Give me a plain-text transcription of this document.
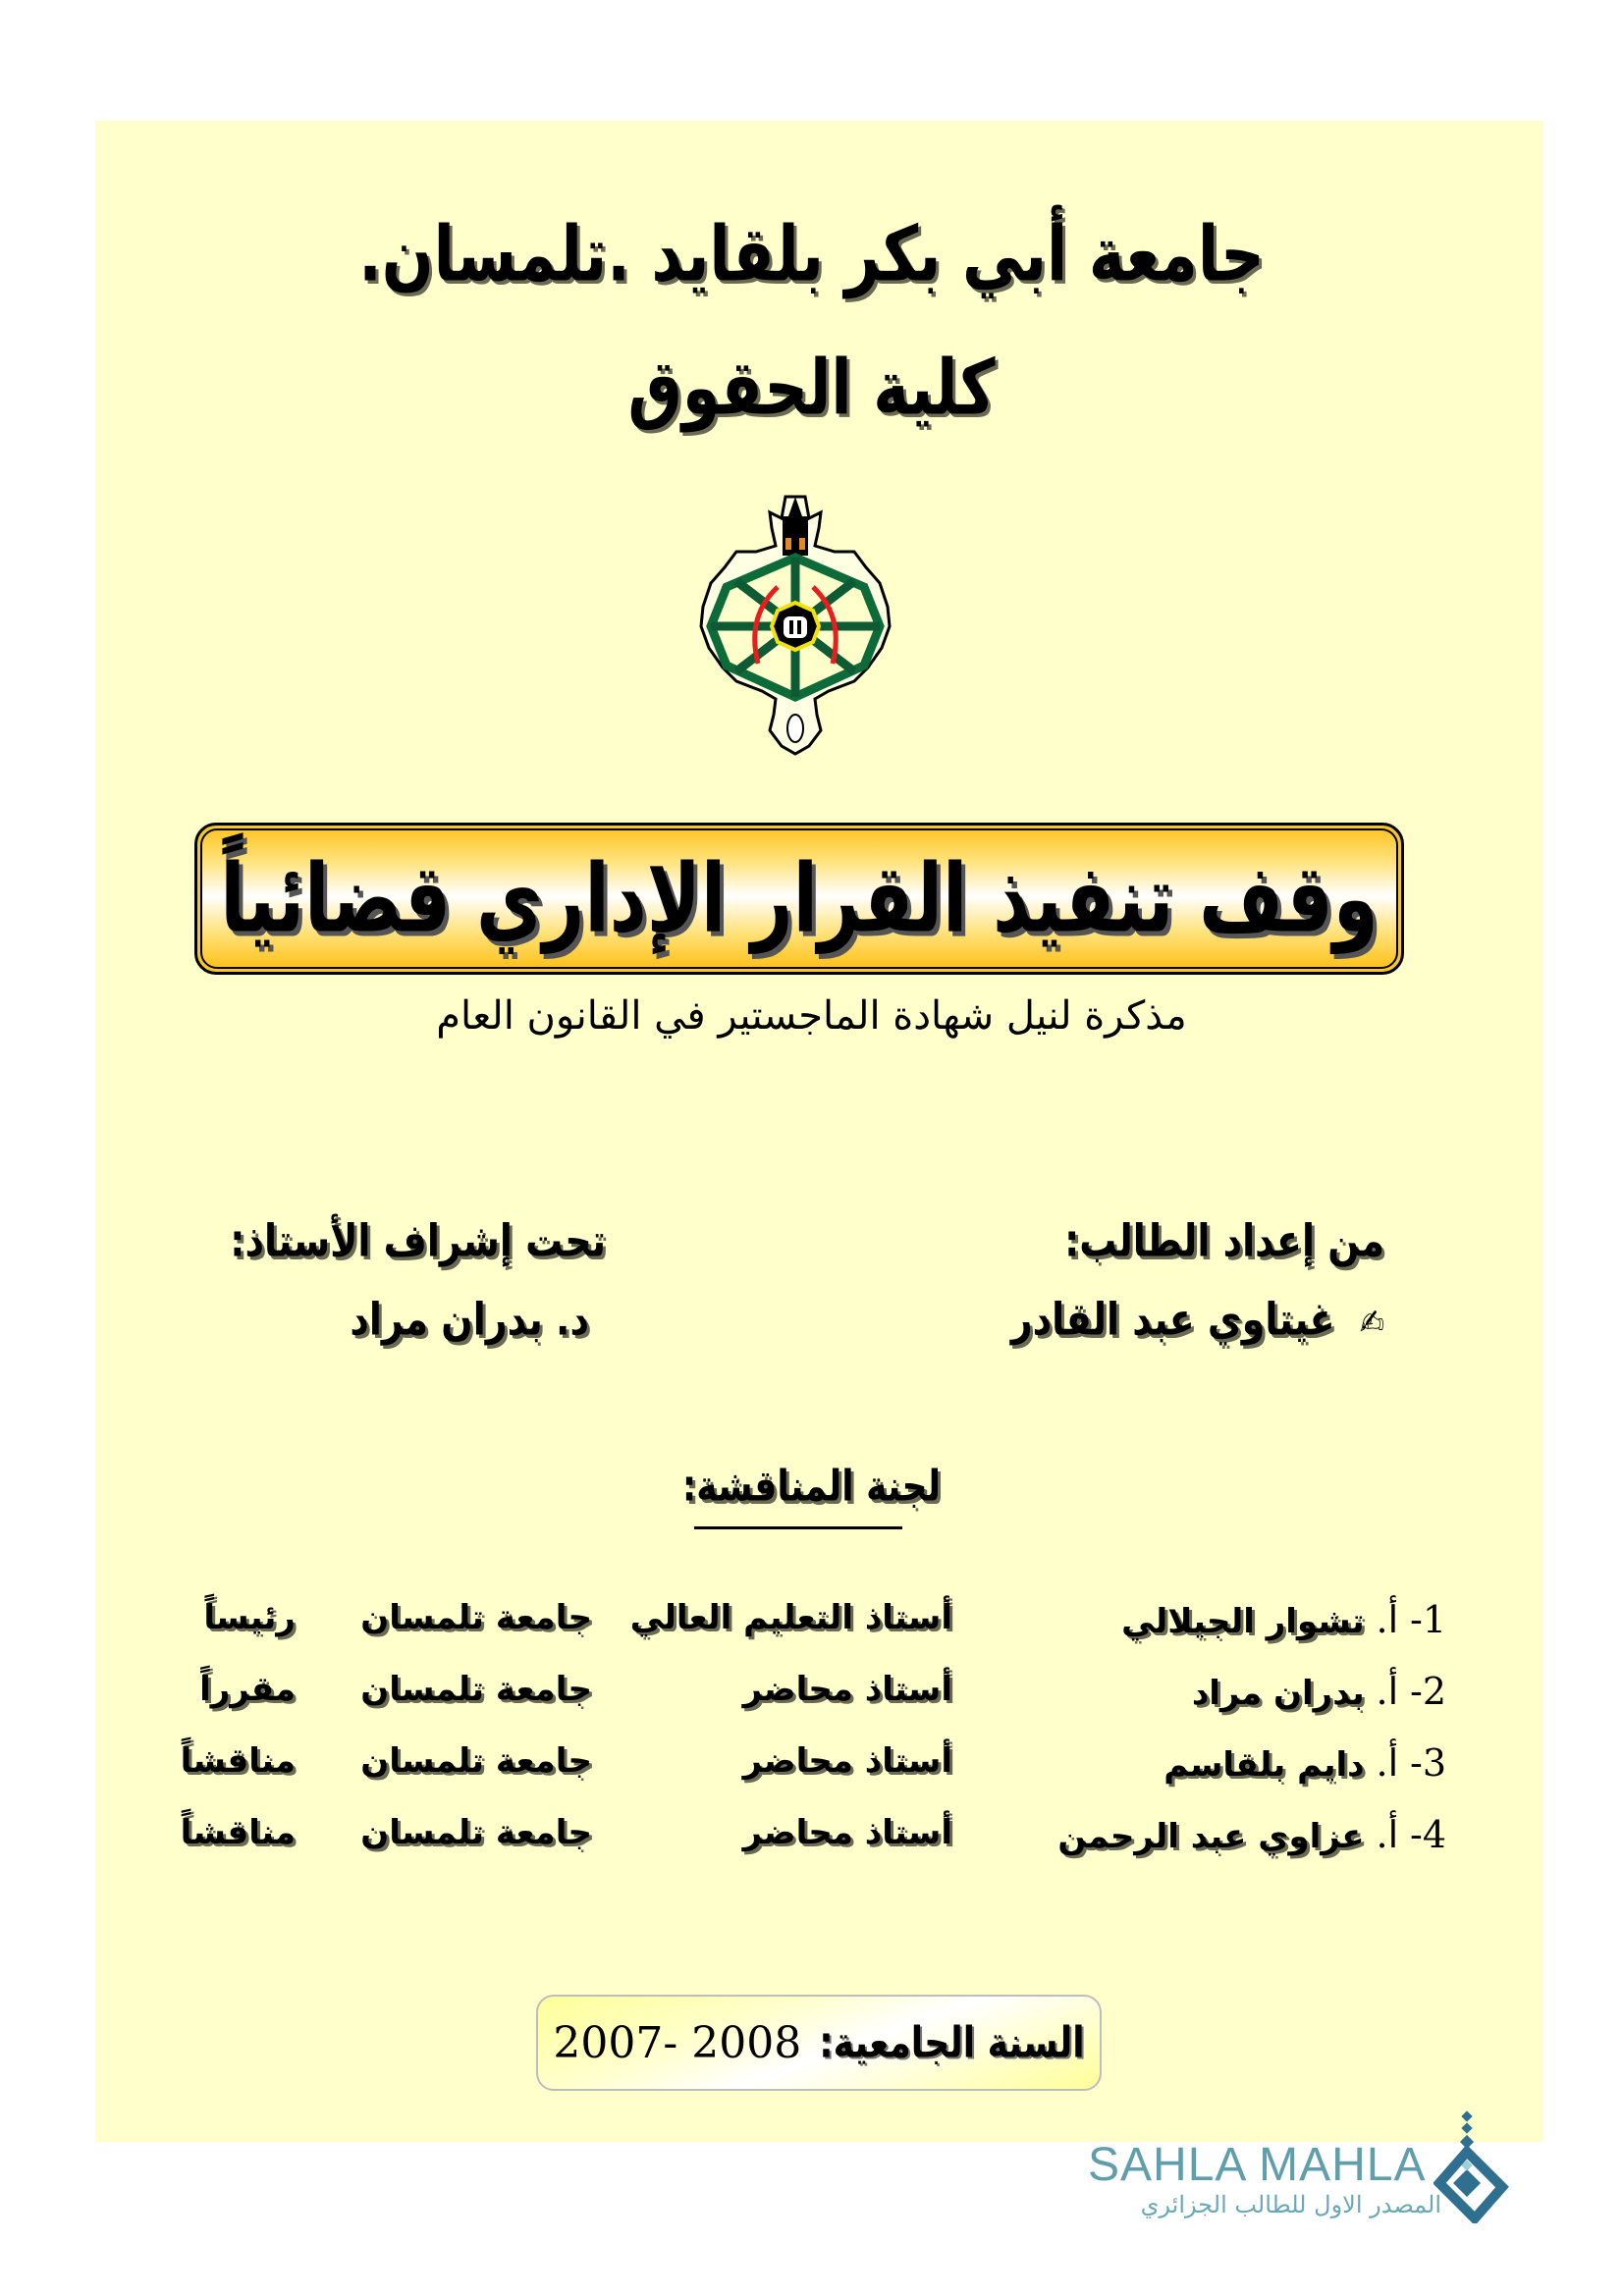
جامعة أبي بكر بلقايد .تلمسان.
كلية الحقوق
وقف تنفيذ القرار الإداري قضائياً
مذكرة لنيل شهادة الماجستير في القانون العام
من إعداد الطالب:
✍ غيتاوي عبد القادر
تحت إشراف الأستاذ:
د. بدران مراد
لجنة المناقشة:
1- أ. تشوار الجيلالي
أستاذ التعليم العالي
جامعة تلمسان
رئيساً
2- أ. بدران مراد
أستاذ محاضر
جامعة تلمسان
مقرراً
3- أ. دايم بلقاسم
أستاذ محاضر
جامعة تلمسان
مناقشاً
4- أ. عزاوي عبد الرحمن
أستاذ محاضر
جامعة تلمسان
مناقشاً
السنة الجامعية:
2007- 2008
SAHLA MAHLA
المصدر الاول للطالب الجزائري
